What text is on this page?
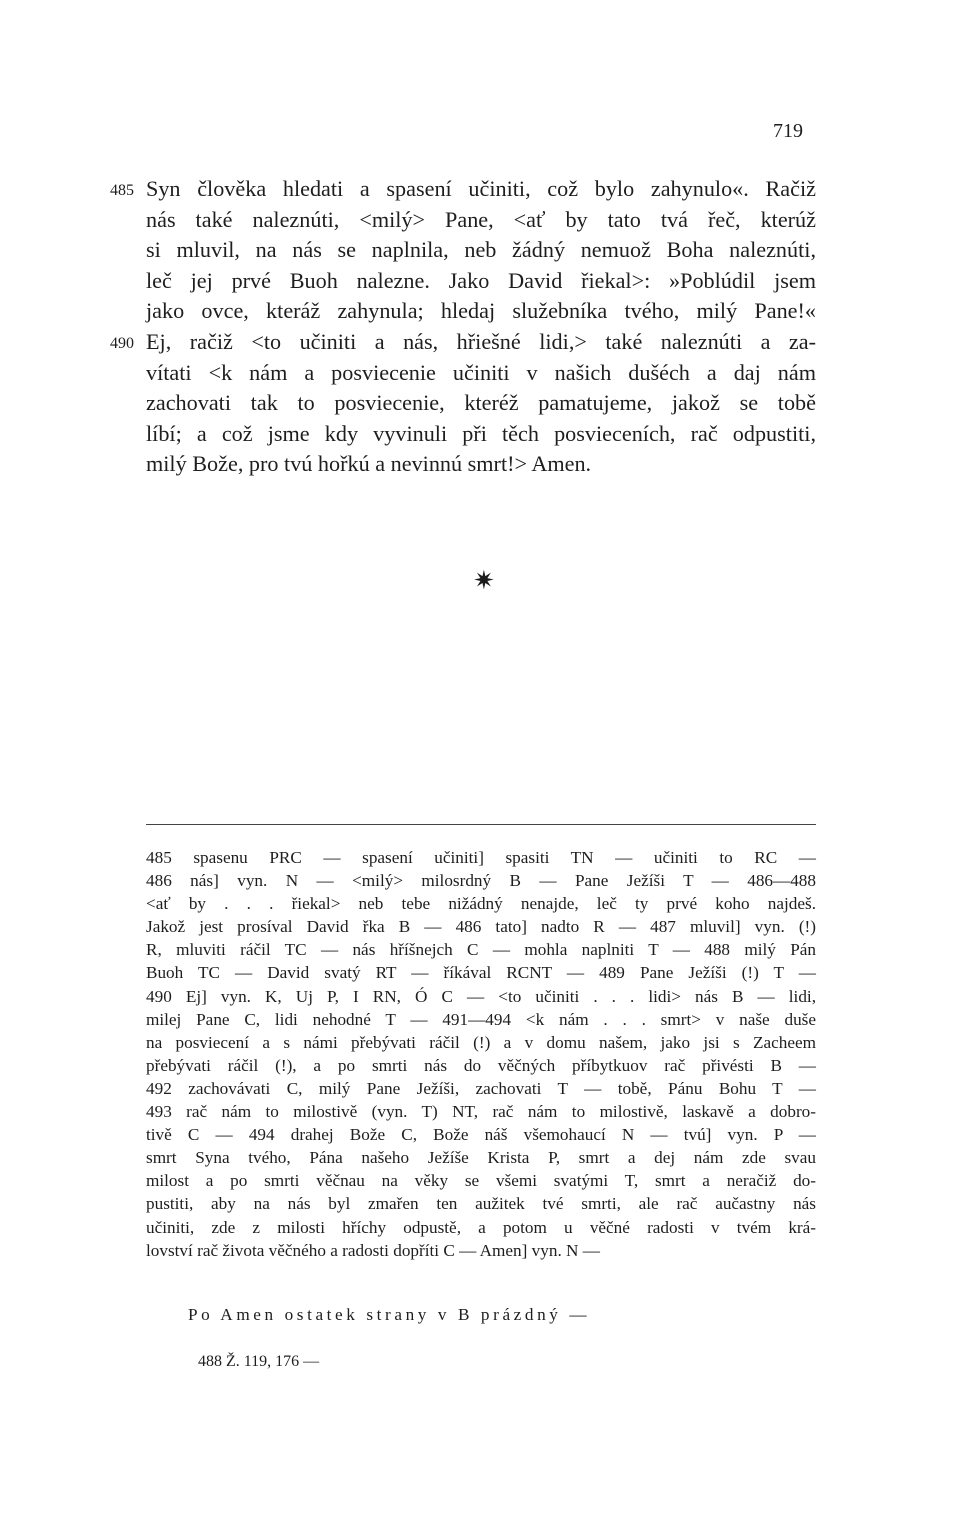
719
485 Syn člověka hledati a spasení učiniti, což bylo zahynulo«. Račiž
nás také naleznúti, <milý> Pane, <ať by tato tvá řeč, kterúž
si mluvil, na nás se naplnila, neb žádný nemuož Boha naleznúti,
leč jej prvé Buoh nalezne. Jako David řiekal>: »Poblúdil jsem
jako ovce, kteráž zahynula; hledaj služebníka tvého, milý Pane!«
490 Ej, račiž <to učiniti a nás, hřiešné lidi,> také naleznúti a za-
vítati <k nám a posviecenie učiniti v našich dušéch a daj nám
zachovati tak to posviecenie, kteréž pamatujeme, jakož se tobě
líbí; a což jsme kdy vyvinuli při těch posvieceních, rač odpustiti,
milý Bože, pro tvú hořkú a nevinnú smrt!> Amen.
✷
485 spasenu PRC — spasení učiniti] spasiti TN — učiniti to RC —
486 nás] vyn. N — <milý> milosrdný B — Pane Ježíši T — 486—488
<ať by . . . řiekal> neb tebe nižádný nenajde, leč ty prvé koho najdeš.
Jakož jest prosíval David řka B — 486 tato] nadto R — 487 mluvil] vyn. (!)
R, mluviti ráčil TC — nás hříšnejch C — mohla naplniti T — 488 milý Pán
Buoh TC — David svatý RT — říkával RCNT — 489 Pane Ježíši (!) T —
490 Ej] vyn. K, Uj P, I RN, Ó C — <to učiniti . . . lidi> nás B — lidi,
milej Pane C, lidi nehodné T — 491—494 <k nám . . . smrt> v naše duše
na posviecení a s námi přebývati ráčil (!) a v domu našem, jako jsi s Zacheem
přebývati ráčil (!), a po smrti nás do věčných příbytkuov rač přivésti B —
492 zachovávati C, milý Pane Ježíši, zachovati T — tobě, Pánu Bohu T —
493 rač nám to milostivě (vyn. T) NT, rač nám to milostivě, laskavě a dobro-
tivě C — 494 drahej Bože C, Bože náš všemohaucí N — tvú] vyn. P —
smrt Syna tvého, Pána našeho Ježíše Krista P, smrt a dej nám zde svau
milost a po smrti věčnau na věky se všemi svatými T, smrt a neračiž do-
pustiti, aby na nás byl zmařen ten aužitek tvé smrti, ale rač aučastny nás
učiniti, zde z milosti hříchy odpustě, a potom u věčné radosti v tvém krá-
lovství rač života věčného a radosti dopříti C — Amen] vyn. N —
Po Amen ostatek strany v B prázdný —
488 Ž. 119, 176 —
